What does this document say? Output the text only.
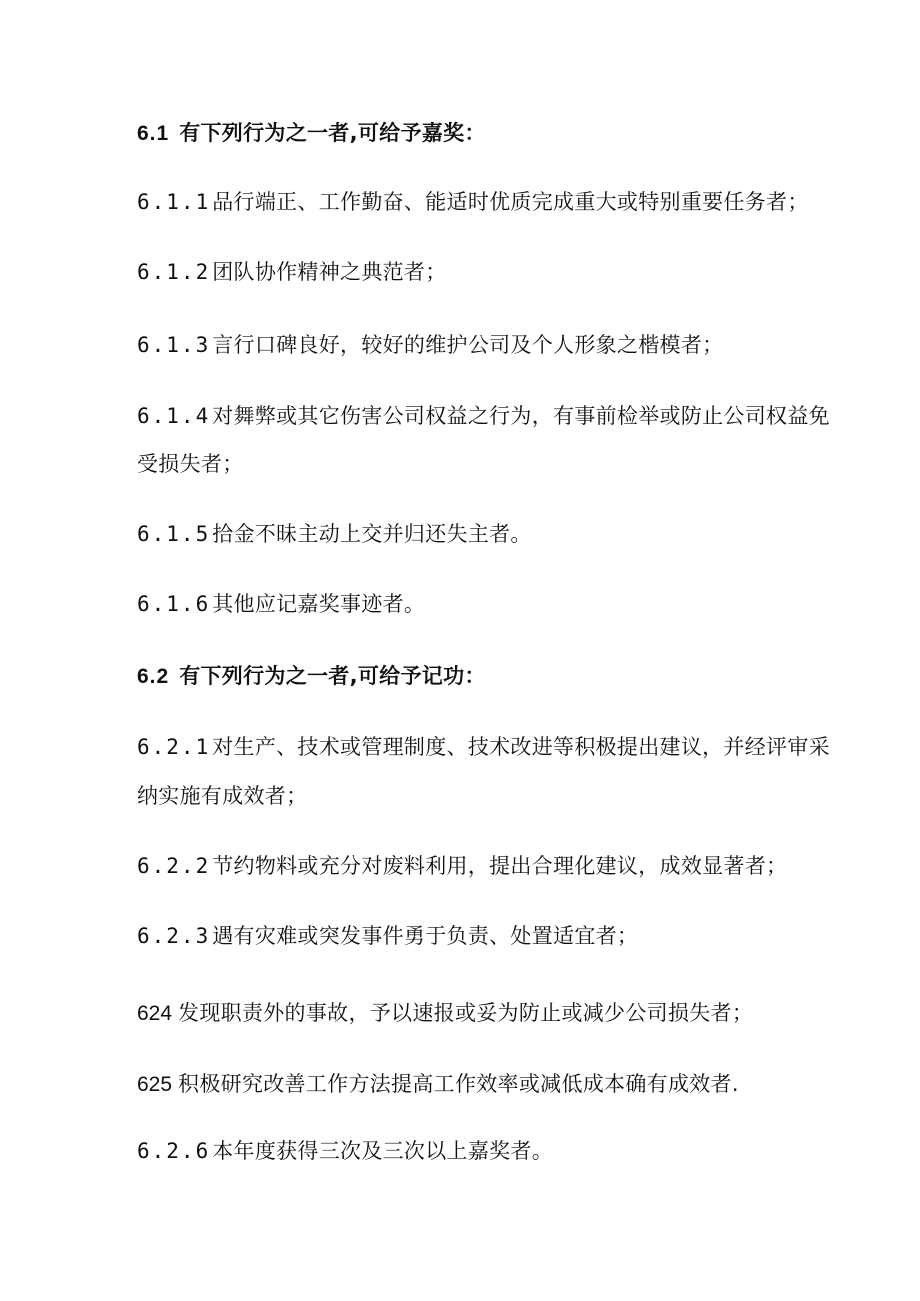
6.1 有下列行为之一者,可给予嘉奖：
6.1.1品行端正、工作勤奋、能适时优质完成重大或特别重要任务者；
6.1.2团队协作精神之典范者；
6.1.3言行口碑良好，较好的维护公司及个人形象之楷模者；
6.1.4对舞弊或其它伤害公司权益之行为，有事前检举或防止公司权益免
受损失者；
6.1.5拾金不昧主动上交并归还失主者。
6.1.6其他应记嘉奖事迹者。
6.2 有下列行为之一者,可给予记功：
6.2.1对生产、技术或管理制度、技术改进等积极提出建议，并经评审采
纳实施有成效者；
6.2.2节约物料或充分对废料利用，提出合理化建议，成效显著者；
6.2.3遇有灾难或突发事件勇于负责、处置适宜者；
624 发现职责外的事故，予以速报或妥为防止或减少公司损失者；
625 积极研究改善工作方法提高工作效率或减低成本确有成效者.
6.2.6本年度获得三次及三次以上嘉奖者。
